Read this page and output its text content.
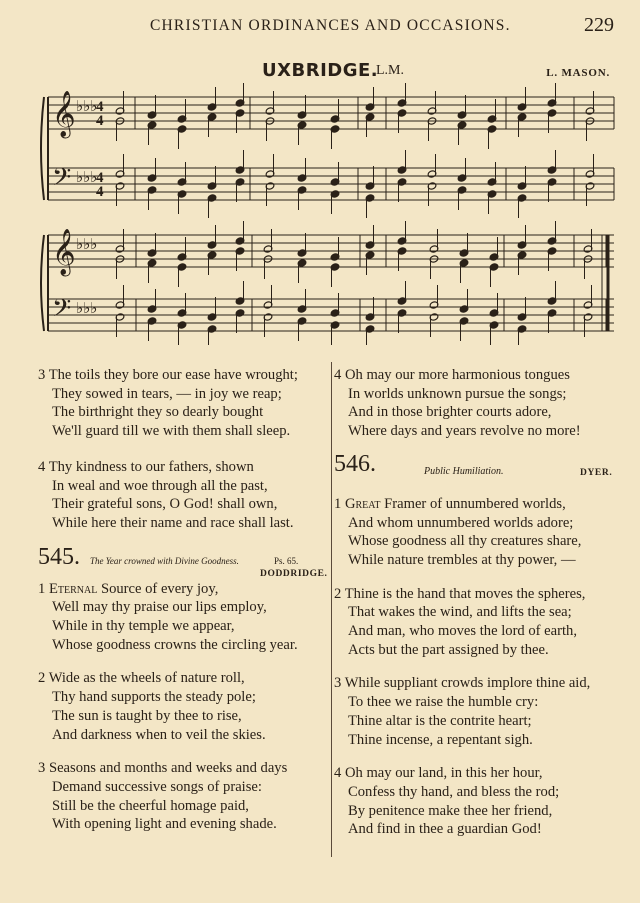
CHRISTIAN ORDINANCES AND OCCASIONS.	229
UXBRIDGE.
L.M.	L. MASON.
𝄞 ♭♭♭
𝄢 ♭♭♭
4
4
4
4
𝄞 ♭♭♭
𝄢 ♭♭♭
3 The toils they bore our ease have wrought;
They sowed in tears, — in joy we reap;
The birthright they so dearly bought
We'll guard till we with them shall sleep.
4 Thy kindness to our fathers, shown
In weal and woe through all the past,
Their grateful sons, O God! shall own,
While here their name and race shall last.
545. The Year crowned with Divine Goodness.	Ps. 65.
DODDRIDGE.
1 Eternal Source of every joy,
Well may thy praise our lips employ,
While in thy temple we appear,
Whose goodness crowns the circling year.
2 Wide as the wheels of nature roll,
Thy hand supports the steady pole;
The sun is taught by thee to rise,
And darkness when to veil the skies.
3 Seasons and months and weeks and days
Demand successive songs of praise:
Still be the cheerful homage paid,
With opening light and evening shade.
4 Oh may our more harmonious tongues
In worlds unknown pursue the songs;
And in those brighter courts adore,
Where days and years revolve no more!
546.	Public Humiliation.	DYER.
1 Great Framer of unnumbered worlds,
And whom unnumbered worlds adore;
Whose goodness all thy creatures share,
While nature trembles at thy power, —
2 Thine is the hand that moves the spheres,
That wakes the wind, and lifts the sea;
And man, who moves the lord of earth,
Acts but the part assigned by thee.
3 While suppliant crowds implore thine aid,
To thee we raise the humble cry:
Thine altar is the contrite heart;
Thine incense, a repentant sigh.
4 Oh may our land, in this her hour,
Confess thy hand, and bless the rod;
By penitence make thee her friend,
And find in thee a guardian God!
